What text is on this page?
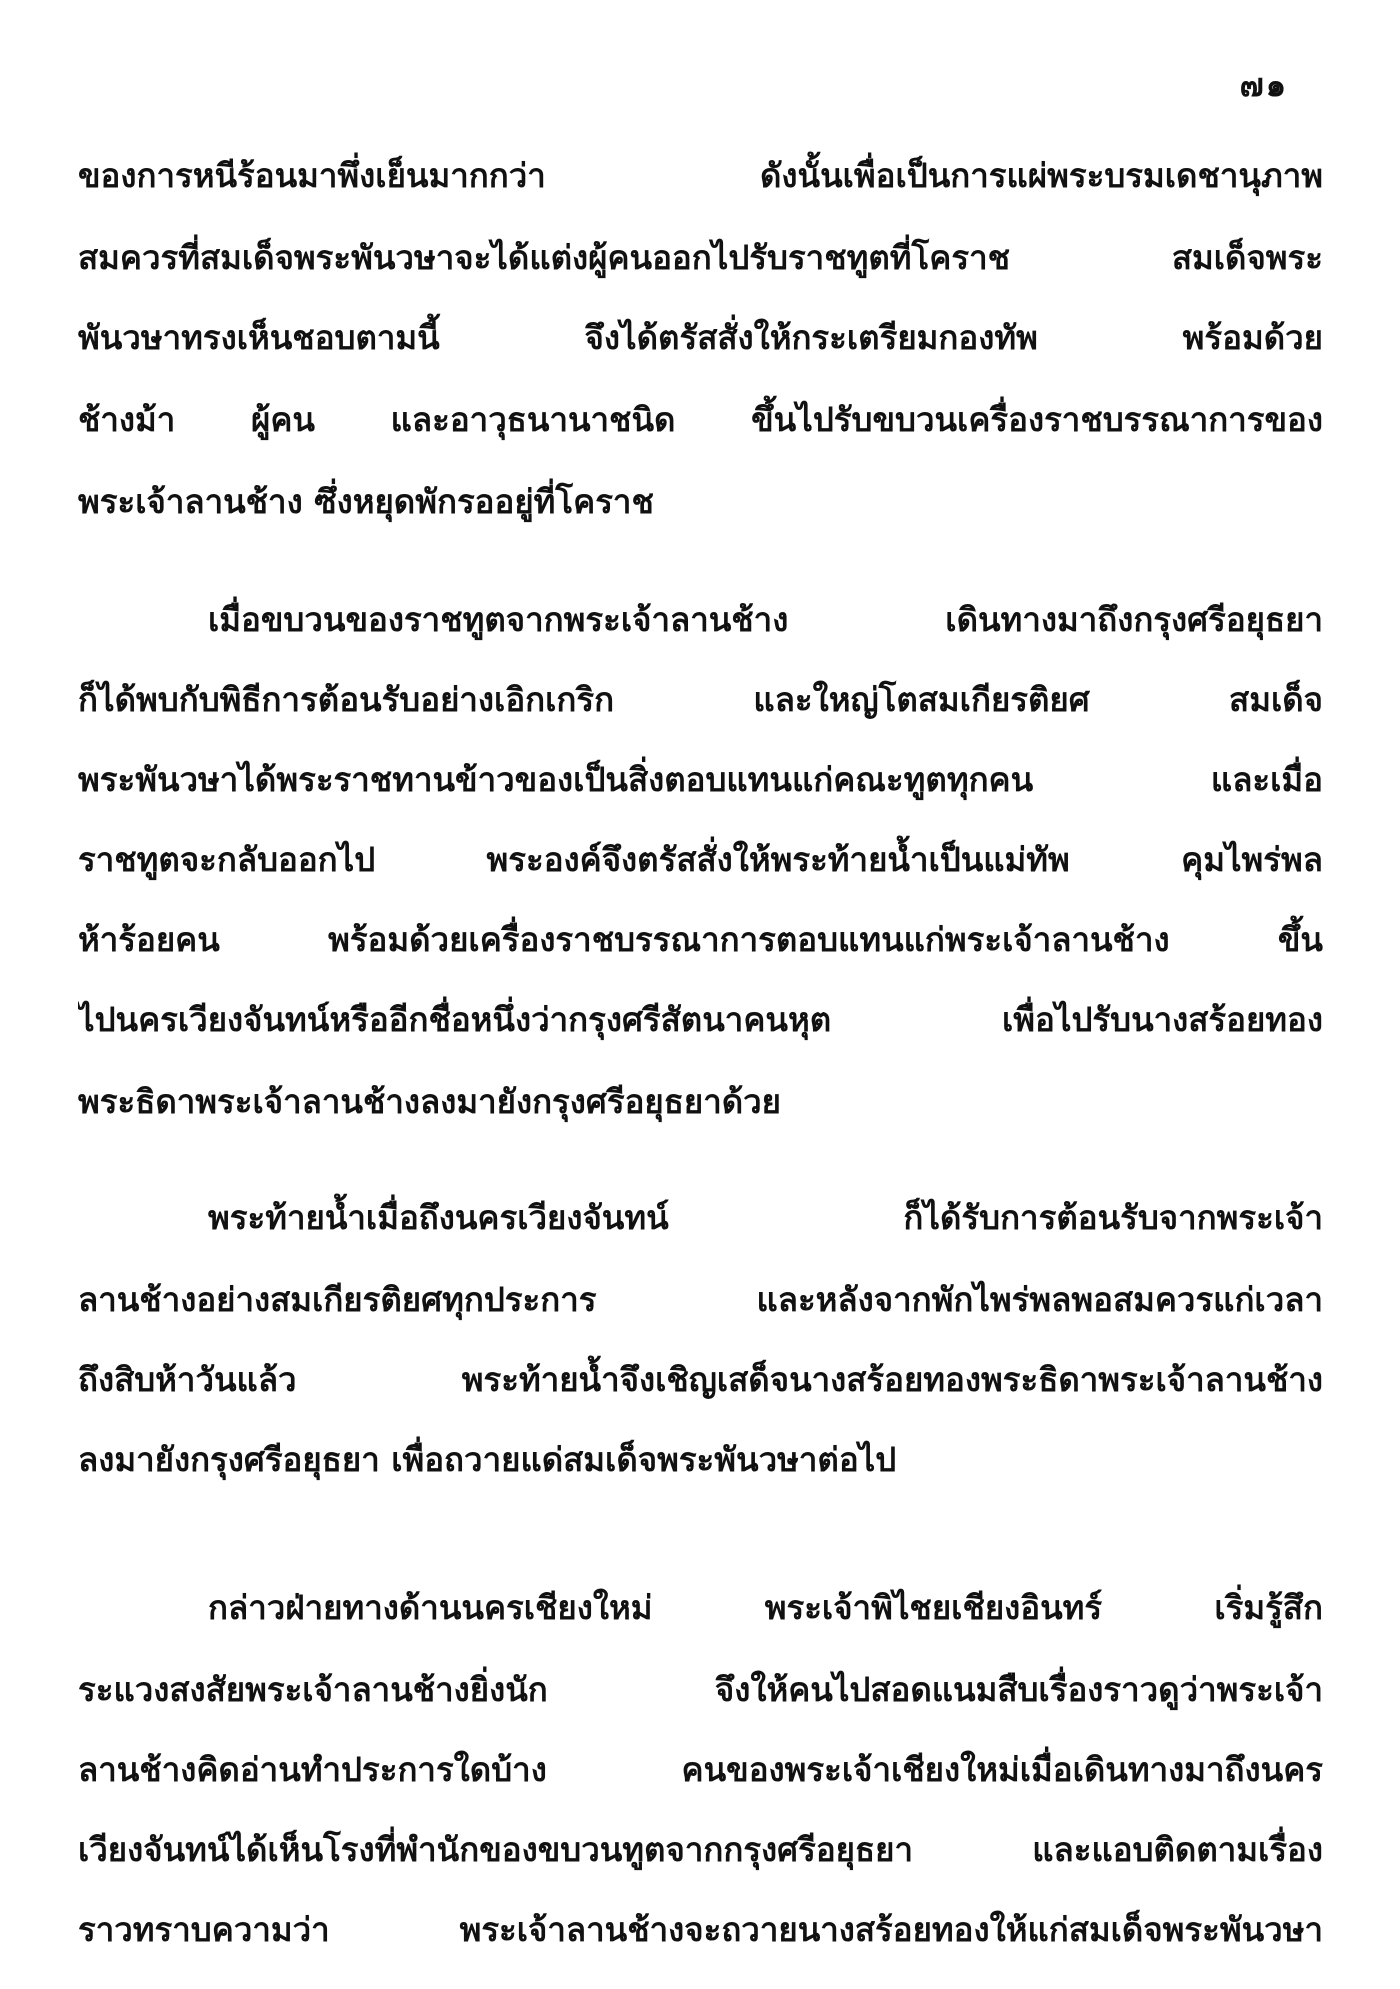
๗๑
ของการหนีร้อนมาพึ่งเย็นมากกว่า ดังนั้นเพื่อเป็นการแผ่พระบรมเดชานุภาพ
สมควรที่สมเด็จพระพันวษาจะได้แต่งผู้คนออกไปรับราชทูตที่โคราช สมเด็จพระ
พันวษาทรงเห็นชอบตามนี้ จึงได้ตรัสสั่งให้กระเตรียมกองทัพ พร้อมด้วย
ช้างม้า ผู้คน และอาวุธนานาชนิด ขึ้นไปรับขบวนเครื่องราชบรรณาการของ
พระเจ้าลานช้าง ซึ่งหยุดพักรออยู่ที่โคราช
เมื่อขบวนของราชทูตจากพระเจ้าลานช้าง เดินทางมาถึงกรุงศรีอยุธยา
ก็ได้พบกับพิธีการต้อนรับอย่างเอิกเกริก และใหญ่โตสมเกียรติยศ สมเด็จ
พระพันวษาได้พระราชทานข้าวของเป็นสิ่งตอบแทนแก่คณะทูตทุกคน และเมื่อ
ราชทูตจะกลับออกไป พระองค์จึงตรัสสั่งให้พระท้ายน้ำเป็นแม่ทัพ คุมไพร่พล
ห้าร้อยคน พร้อมด้วยเครื่องราชบรรณาการตอบแทนแก่พระเจ้าลานช้าง ขึ้น
ไปนครเวียงจันทน์หรืออีกชื่อหนึ่งว่ากรุงศรีสัตนาคนหุต เพื่อไปรับนางสร้อยทอง
พระธิดาพระเจ้าลานช้างลงมายังกรุงศรีอยุธยาด้วย
พระท้ายน้ำเมื่อถึงนครเวียงจันทน์ ก็ได้รับการต้อนรับจากพระเจ้า
ลานช้างอย่างสมเกียรติยศทุกประการ และหลังจากพักไพร่พลพอสมควรแก่เวลา
ถึงสิบห้าวันแล้ว พระท้ายน้ำจึงเชิญเสด็จนางสร้อยทองพระธิดาพระเจ้าลานช้าง
ลงมายังกรุงศรีอยุธยา เพื่อถวายแด่สมเด็จพระพันวษาต่อไป
กล่าวฝ่ายทางด้านนครเชียงใหม่ พระเจ้าพิไชยเชียงอินทร์ เริ่มรู้สึก
ระแวงสงสัยพระเจ้าลานช้างยิ่งนัก จึงให้คนไปสอดแนมสืบเรื่องราวดูว่าพระเจ้า
ลานช้างคิดอ่านทำประการใดบ้าง คนของพระเจ้าเชียงใหม่เมื่อเดินทางมาถึงนคร
เวียงจันทน์ได้เห็นโรงที่พำนักของขบวนทูตจากกรุงศรีอยุธยา และแอบติดตามเรื่อง
ราวทราบความว่า พระเจ้าลานช้างจะถวายนางสร้อยทองให้แก่สมเด็จพระพันวษา
